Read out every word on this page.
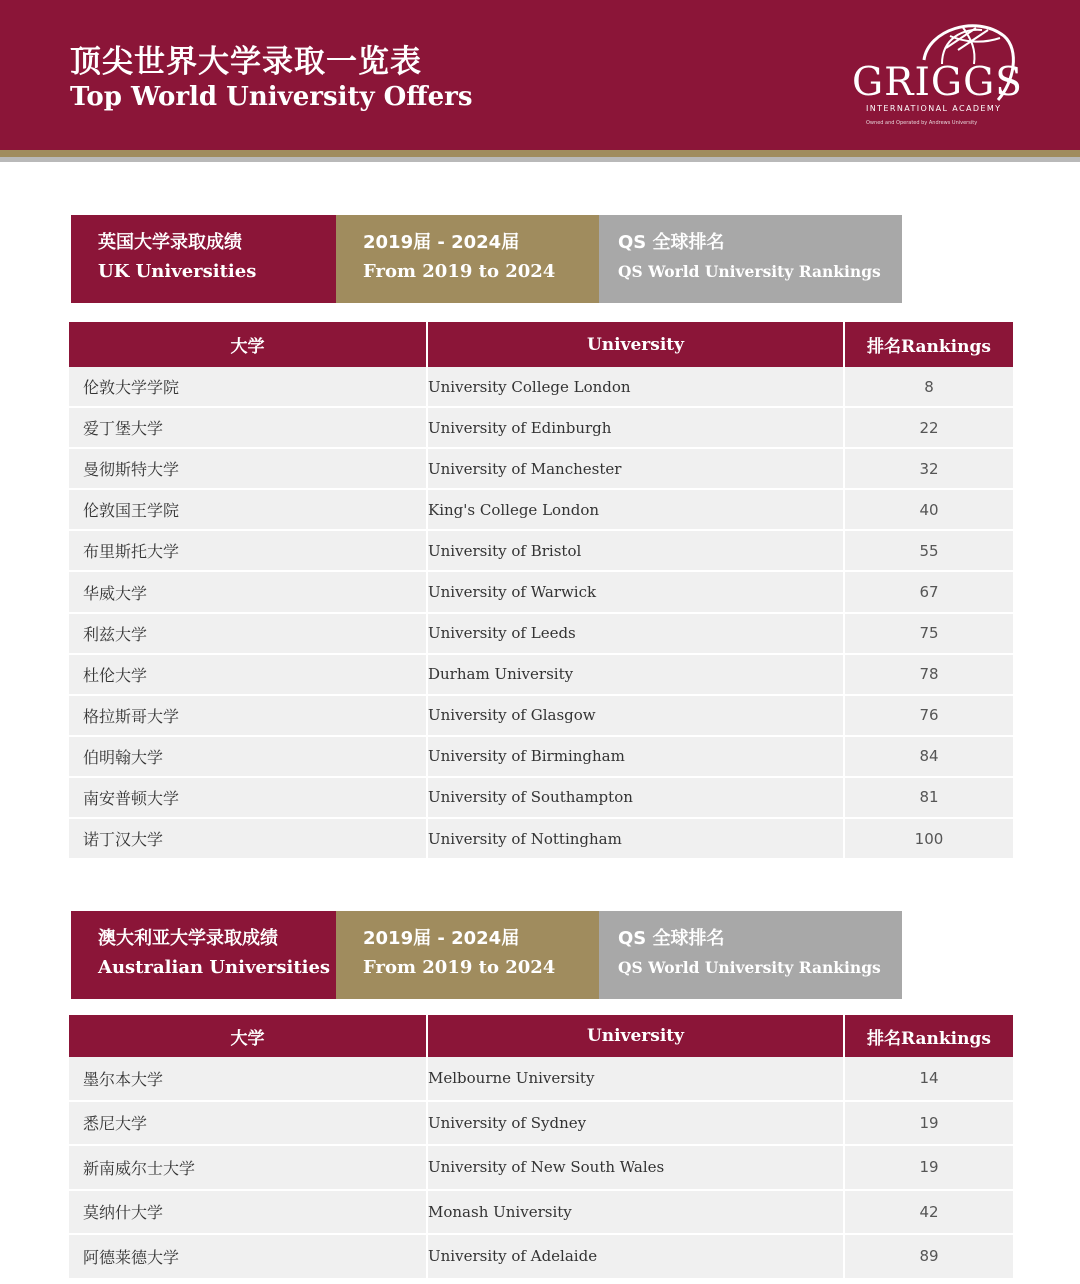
顶尖世界大学录取一览表
Top World University Offers	GRIGGS
INTERNATIONAL ACADEMY
Owned and Operated by Andrews University
英国大学录取成绩
UK Universities
2019届 - 2024届
From 2019 to 2024
QS 全球排名
QS World University Rankings
大学	University	排名Rankings
伦敦大学学院	University College London	8
爱丁堡大学	University of Edinburgh	22
曼彻斯特大学	University of Manchester	32
伦敦国王学院	King's College London	40
布里斯托大学	University of Bristol	55
华威大学	University of Warwick	67
利兹大学	University of Leeds	75
杜伦大学	Durham University	78
格拉斯哥大学	University of Glasgow	76
伯明翰大学	University of Birmingham	84
南安普顿大学	University of Southampton	81
诺丁汉大学	University of Nottingham	100
澳大利亚大学录取成绩
Australian Universities
2019届 - 2024届
From 2019 to 2024
QS 全球排名
QS World University Rankings
大学	University	排名Rankings
墨尔本大学	Melbourne University	14
悉尼大学	University of Sydney	19
新南威尔士大学	University of New South Wales	19
莫纳什大学	Monash University	42
阿德莱德大学	University of Adelaide	89
